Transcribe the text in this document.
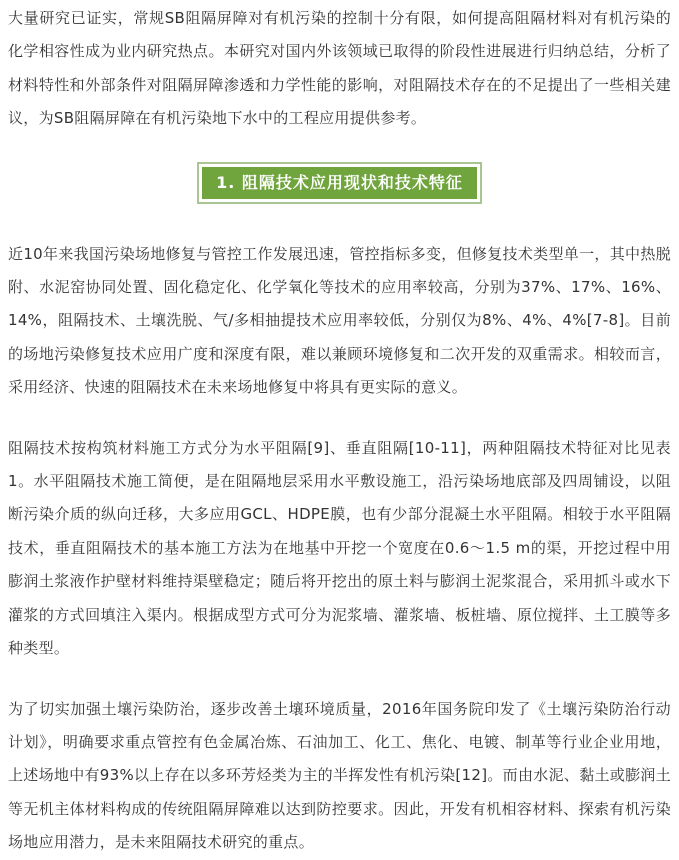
大量研究已证实，常规SB阻隔屏障对有机污染的控制十分有限，如何提高阻隔材料对有机污染的化学相容性成为业内研究热点。本研究对国内外该领域已取得的阶段性进展进行归纳总结，分析了材料特性和外部条件对阻隔屏障渗透和力学性能的影响，对阻隔技术存在的不足提出了一些相关建议，为SB阻隔屏障在有机污染地下水中的工程应用提供参考。

1. 阻隔技术应用现状和技术特征

近10年来我国污染场地修复与管控工作发展迅速，管控指标多变，但修复技术类型单一，其中热脱附、水泥窑协同处置、固化稳定化、化学氧化等技术的应用率较高，分别为37%、17%、16%、14%，阻隔技术、土壤洗脱、气/多相抽提技术应用率较低，分别仅为8%、4%、4%[7-8]。目前的场地污染修复技术应用广度和深度有限，难以兼顾环境修复和二次开发的双重需求。相较而言，采用经济、快速的阻隔技术在未来场地修复中将具有更实际的意义。

阻隔技术按构筑材料施工方式分为水平阻隔[9]、垂直阻隔[10-11]，两种阻隔技术特征对比见表1。水平阻隔技术施工简便，是在阻隔地层采用水平敷设施工，沿污染场地底部及四周铺设，以阻断污染介质的纵向迁移，大多应用GCL、HDPE膜，也有少部分混凝土水平阻隔。相较于水平阻隔技术，垂直阻隔技术的基本施工方法为在地基中开挖一个宽度在0.6～1.5 m的渠，开挖过程中用膨润土浆液作护壁材料维持渠壁稳定；随后将开挖出的原土料与膨润土泥浆混合，采用抓斗或水下灌浆的方式回填注入渠内。根据成型方式可分为泥浆墙、灌浆墙、板桩墙、原位搅拌、土工膜等多种类型。

为了切实加强土壤污染防治，逐步改善土壤环境质量，2016年国务院印发了《土壤污染防治行动计划》，明确要求重点管控有色金属冶炼、石油加工、化工、焦化、电镀、制革等行业企业用地，上述场地中有93%以上存在以多环芳烃类为主的半挥发性有机污染[12]。而由水泥、黏土或膨润土等无机主体材料构成的传统阻隔屏障难以达到防控要求。因此，开发有机相容材料、探索有机污染场地应用潜力，是未来阻隔技术研究的重点。
